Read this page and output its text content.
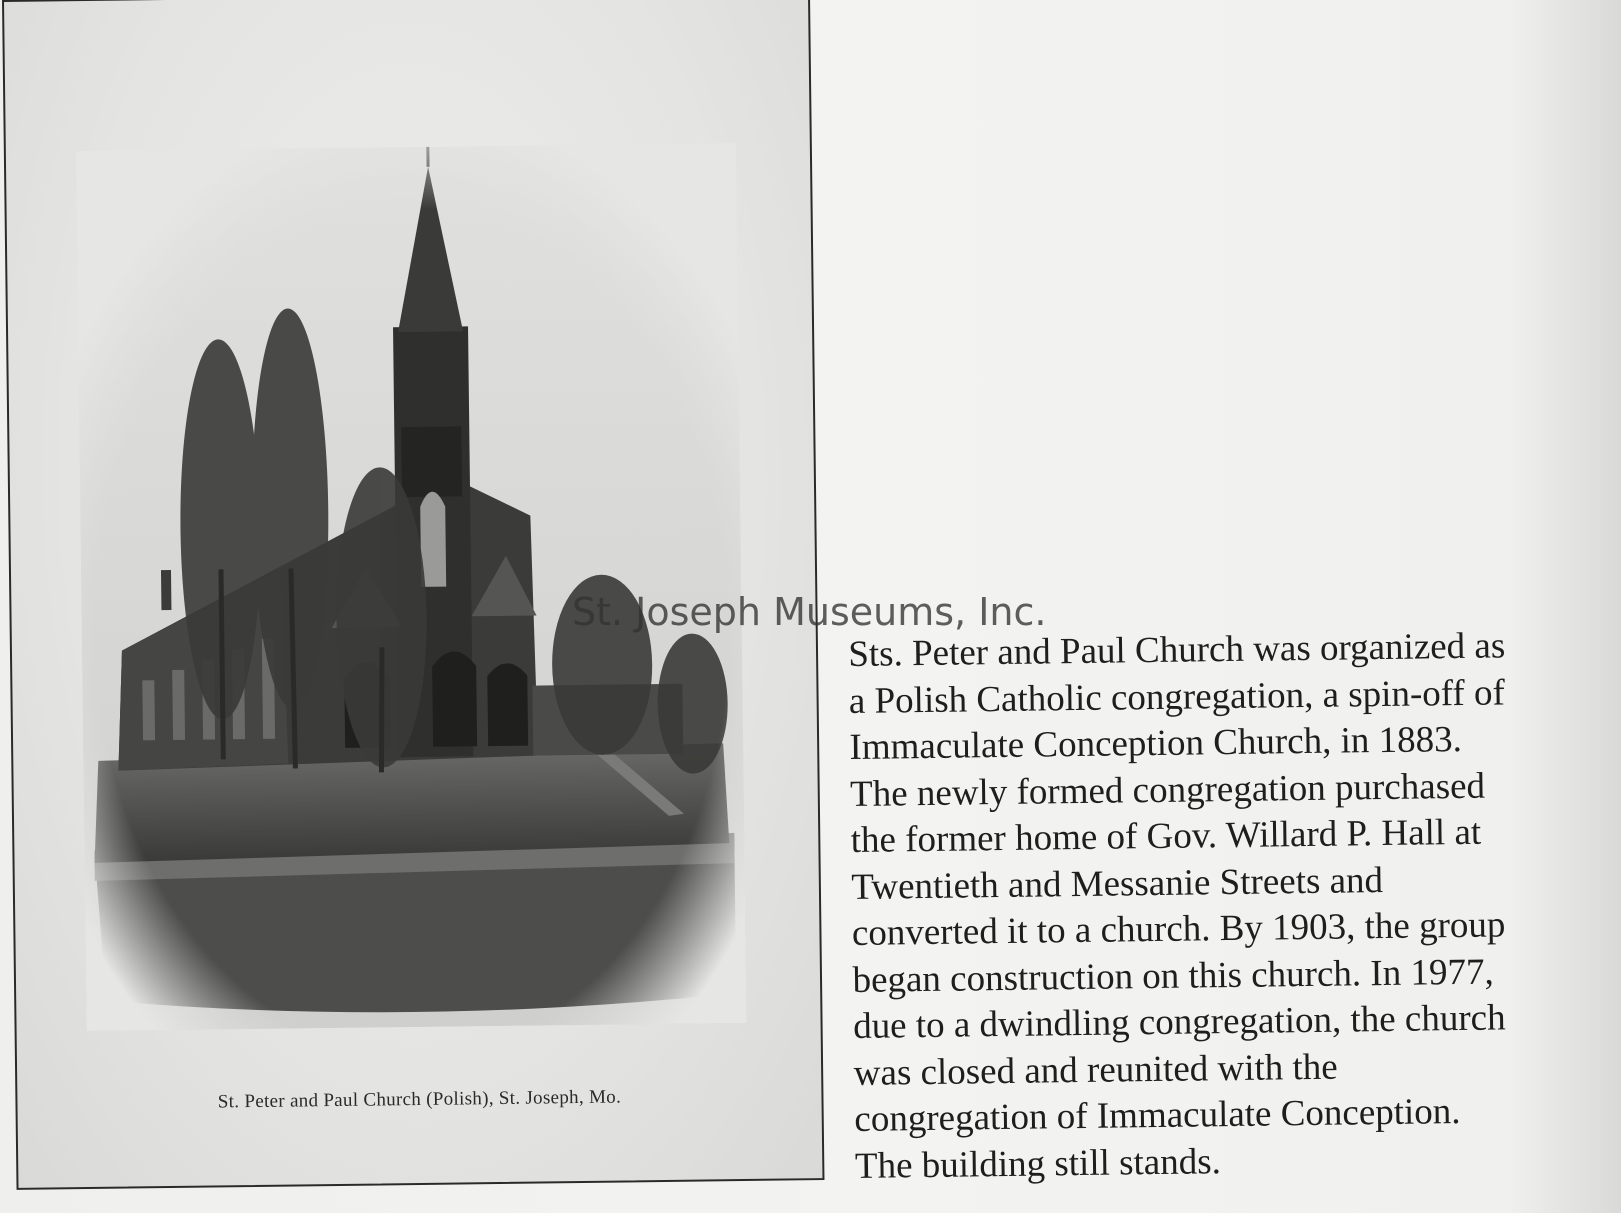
St. Peter and Paul Church (Polish), St. Joseph, Mo.
St. Joseph Museums, Inc.
Sts. Peter and Paul Church was organized as
a Polish Catholic congregation, a spin-off of
Immaculate Conception Church, in 1883.
The newly formed congregation purchased
the former home of Gov. Willard P. Hall at
Twentieth and Messanie Streets and
converted it to a church. By 1903, the group
began construction on this church. In 1977,
due to a dwindling congregation, the church
was closed and reunited with the
congregation of Immaculate Conception.
The building still stands.
